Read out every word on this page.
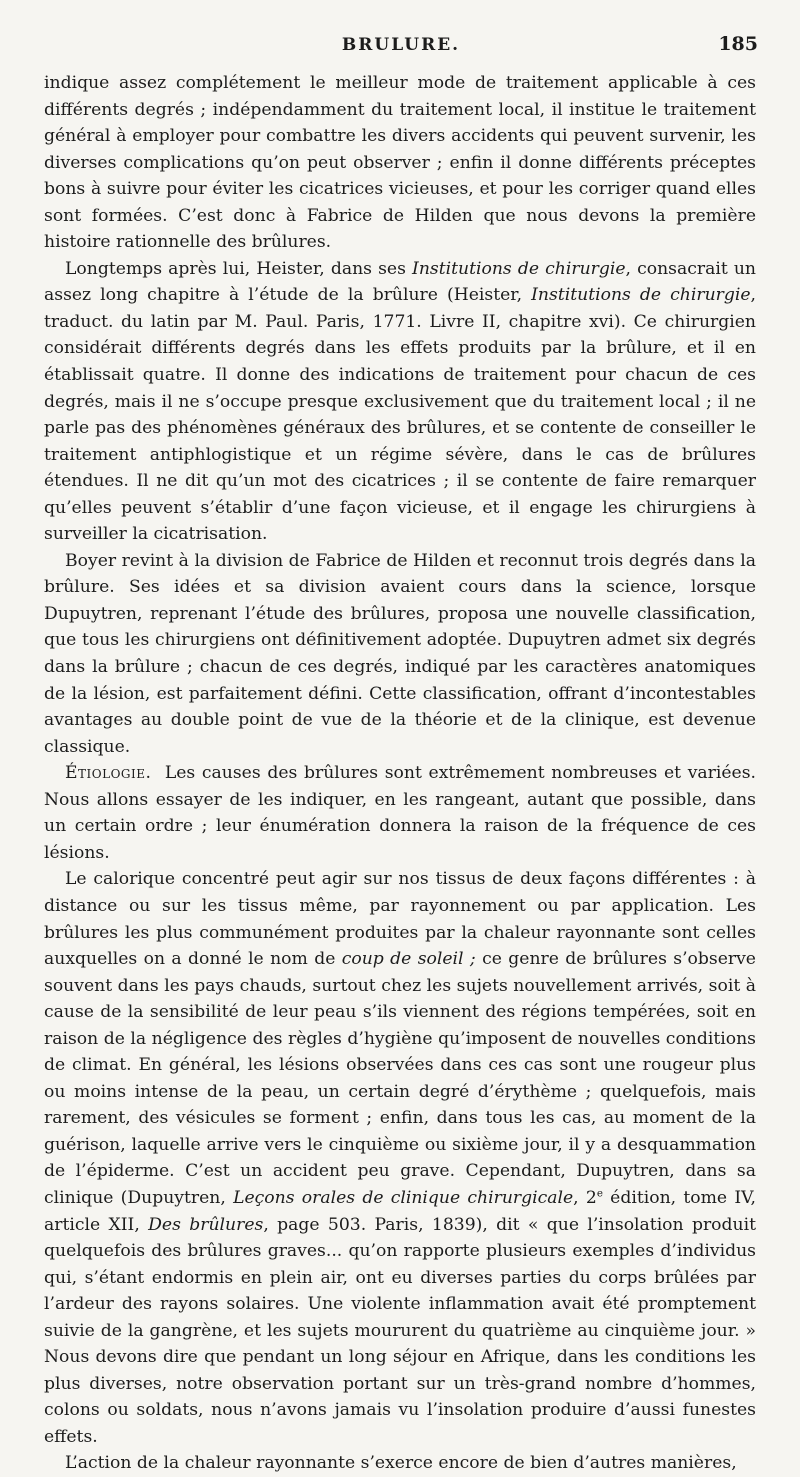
BRULURE.	185

indique assez complétement le meilleur mode de traitement applicable à ces différents degrés ; indépendamment du traitement local, il institue le traitement général à employer pour combattre les divers accidents qui peuvent survenir, les diverses complications qu’on peut observer ; enfin il donne différents préceptes bons à suivre pour éviter les cicatrices vicieuses, et pour les corriger quand elles sont formées. C’est donc à Fabrice de Hilden que nous devons la première histoire rationnelle des brûlures.

Longtemps après lui, Heister, dans ses Institutions de chirurgie, consacrait un assez long chapitre à l’étude de la brûlure (Heister, Institutions de chirurgie, traduct. du latin par M. Paul. Paris, 1771. Livre II, chapitre xvi). Ce chirurgien considérait différents degrés dans les effets produits par la brûlure, et il en établissait quatre. Il donne des indications de traitement pour chacun de ces degrés, mais il ne s’occupe presque exclusivement que du traitement local ; il ne parle pas des phénomènes généraux des brûlures, et se contente de conseiller le traitement antiphlogistique et un régime sévère, dans le cas de brûlures étendues. Il ne dit qu’un mot des cicatrices ; il se contente de faire remarquer qu’elles peuvent s’établir d’une façon vicieuse, et il engage les chirurgiens à surveiller la cicatrisation.

Boyer revint à la division de Fabrice de Hilden et reconnut trois degrés dans la brûlure. Ses idées et sa division avaient cours dans la science, lorsque Dupuytren, reprenant l’étude des brûlures, proposa une nouvelle classification, que tous les chirurgiens ont définitivement adoptée. Dupuytren admet six degrés dans la brûlure ; chacun de ces degrés, indiqué par les caractères anatomiques de la lésion, est parfaitement défini. Cette classification, offrant d’incontestables avantages au double point de vue de la théorie et de la clinique, est devenue classique.

Étiologie. Les causes des brûlures sont extrêmement nombreuses et variées. Nous allons essayer de les indiquer, en les rangeant, autant que possible, dans un certain ordre ; leur énumération donnera la raison de la fréquence de ces lésions.

Le calorique concentré peut agir sur nos tissus de deux façons différentes : à distance ou sur les tissus même, par rayonnement ou par application. Les brûlures les plus communément produites par la chaleur rayonnante sont celles auxquelles on a donné le nom de coup de soleil ; ce genre de brûlures s’observe souvent dans les pays chauds, surtout chez les sujets nouvellement arrivés, soit à cause de la sensibilité de leur peau s’ils viennent des régions tempérées, soit en raison de la négligence des règles d’hygiène qu’imposent de nouvelles conditions de climat. En général, les lésions observées dans ces cas sont une rougeur plus ou moins intense de la peau, un certain degré d’érythème ; quelquefois, mais rarement, des vésicules se forment ; enfin, dans tous les cas, au moment de la guérison, laquelle arrive vers le cinquième ou sixième jour, il y a desquammation de l’épiderme. C’est un accident peu grave. Cependant, Dupuytren, dans sa clinique (Dupuytren, Leçons orales de clinique chirurgicale, 2e édition, tome IV, article XII, Des brûlures, page 503. Paris, 1839), dit « que l’insolation produit quelquefois des brûlures graves... qu’on rapporte plusieurs exemples d’individus qui, s’étant endormis en plein air, ont eu diverses parties du corps brûlées par l’ardeur des rayons solaires. Une violente inflammation avait été promptement suivie de la gangrène, et les sujets moururent du quatrième au cinquième jour. » Nous devons dire que pendant un long séjour en Afrique, dans les conditions les plus diverses, notre observation portant sur un très-grand nombre d’hommes, colons ou soldats, nous n’avons jamais vu l’insolation produire d’aussi funestes effets.

L’action de la chaleur rayonnante s’exerce encore de bien d’autres manières,
